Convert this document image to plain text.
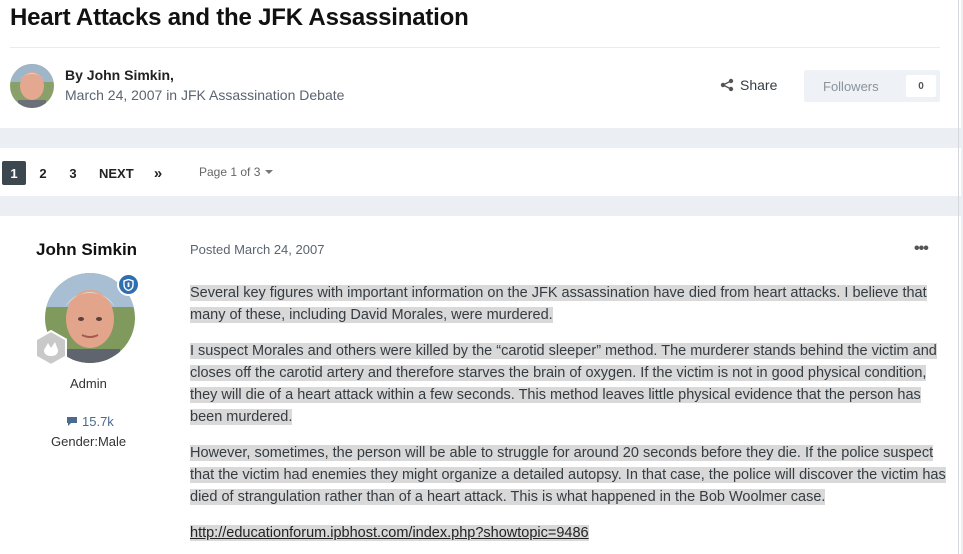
Heart Attacks and the JFK Assassination
By John Simkin,
March 24, 2007 in JFK Assassination Debate
Share	Followers	0
1	2	3	NEXT	»	Page 1 of 3
John Simkin
Admin
15.7k
Gender:Male
Posted March 24, 2007	•••

Several key figures with important information on the JFK assassination have died from heart attacks. I believe that many of these, including David Morales, were murdered.

I suspect Morales and others were killed by the “carotid sleeper” method. The murderer stands behind the victim and closes off the carotid artery and therefore starves the brain of oxygen. If the victim is not in good physical condition, they will die of a heart attack within a few seconds. This method leaves little physical evidence that the person has been murdered.

However, sometimes, the person will be able to struggle for around 20 seconds before they die. If the police suspect that the victim had enemies they might organize a detailed autopsy. In that case, the police will discover the victim has died of strangulation rather than of a heart attack. This is what happened in the Bob Woolmer case.

http://educationforum.ipbhost.com/index.php?showtopic=9486
